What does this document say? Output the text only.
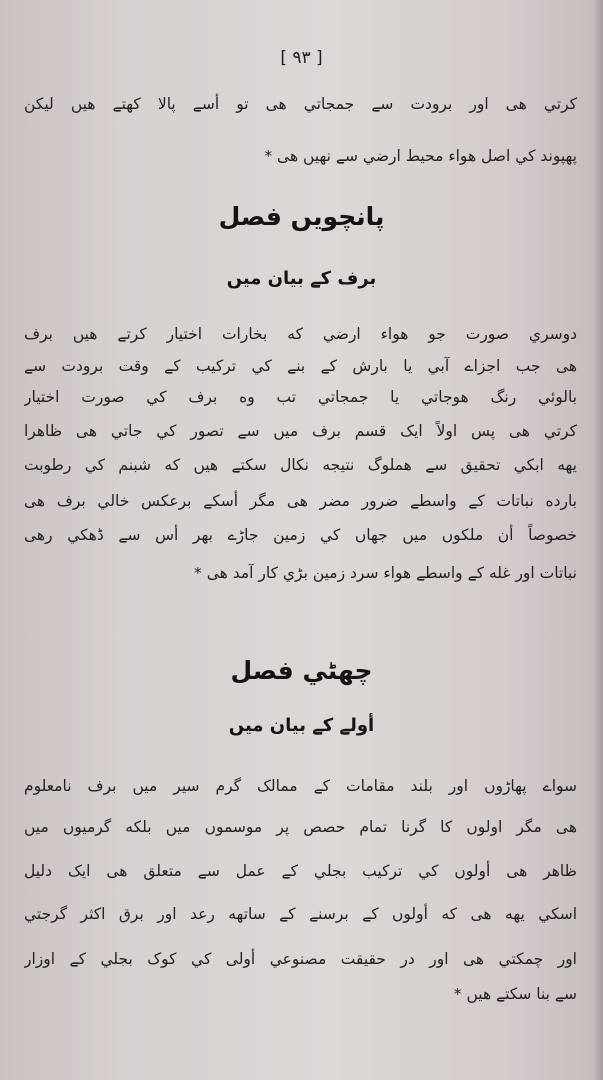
[ ٩٣ ]
كرتي هى اور برودت سے جمجاتي هى تو أسے پالا كهتے هيں ليكن
پهپوند كي اصل هواء محيط ارضي سے نهيں هى *
پانچويں فصل
برف كے بيان ميں
دوسري صورت جو هواء ارضي كه بخارات اختيار كرتے هيں برف
هى جب اجزاے آبي يا بارش كے بنے كي تركيب كے وقت برودت سے
بالوئي رنگ هوجاتي يا جمجاتي تب وه برف كي صورت اختيار
كرتي هى پس اولاً ايک قسم برف ميں سے تصور كي جاتي هى ظاهرا
يهه ابكي تحقيق سے هملوگ نتيجه نكال سكتے هيں كه شبنم كي رطوبت
بارده نباتات كے واسطے ضرور مضر هى مگر أسكے برعكس خالي برف هى
خصوصاً أن ملكوں ميں جهاں كي زمين جاڑے بهر أس سے ڈهكي رهى
نباتات اور غله كے واسطے هواء سرد زمين بڑي كار آمد هى *
چهٹي فصل
أولے كے بيان ميں
سواے پهاڑوں اور بلند مقامات كے ممالک گرم سير ميں برف نامعلوم
هى مگر اولوں كا گرنا تمام حصص پر موسموں ميں بلكه گرميوں ميں
ظاهر هى أولوں كي تركيب بجلي كے عمل سے متعلق هى ايک دليل
اسكي يهه هى كه أولوں كے برسنے كے ساتهه رعد اور برق اكثر گرجتي
اور چمكتي هى اور در حقيقت مصنوعي أولى كي كوک بجلي كے اوزار
سے بنا سكتے هيں *
